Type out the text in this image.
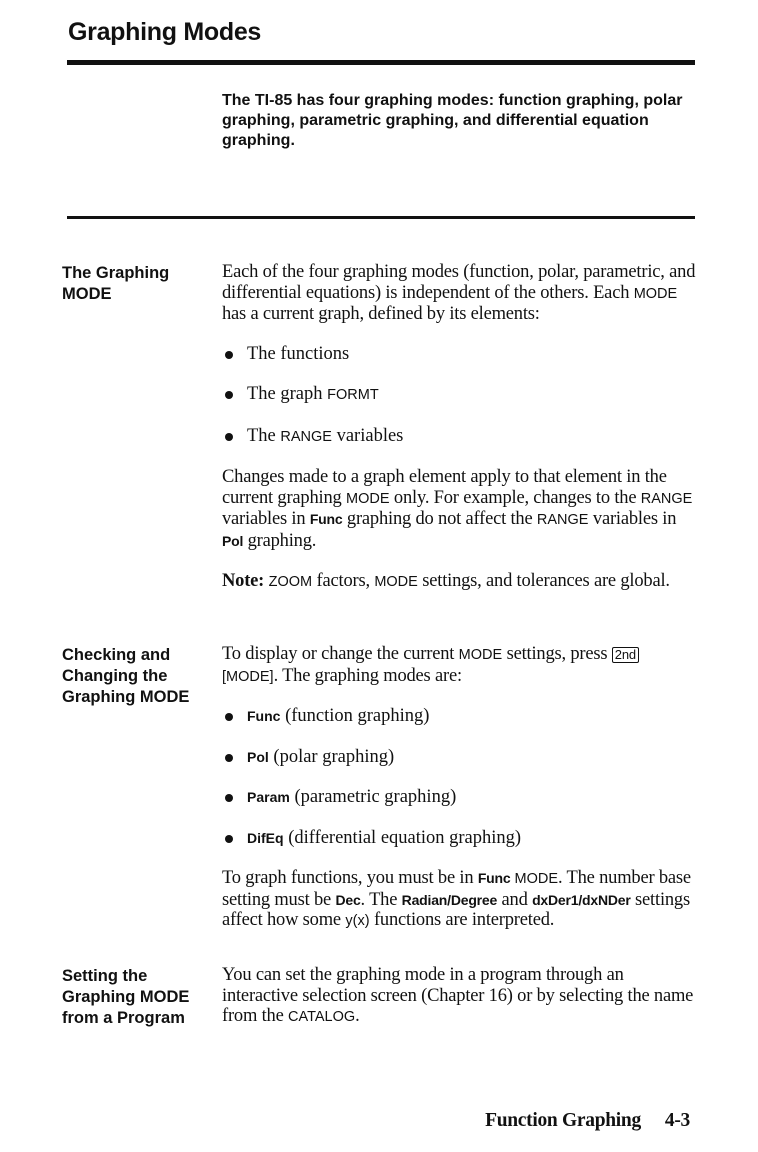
Graphing Modes

The TI-85 has four graphing modes: function graphing, polar graphing, parametric graphing, and differential equation graphing.

The Graphing
MODE

Each of the four graphing modes (function, polar, parametric, and differential equations) is independent of the others. Each MODE has a current graph, defined by its elements:

The functions
The graph FORMT
The RANGE variables

Changes made to a graph element apply to that element in the current graphing MODE only. For example, changes to the RANGE variables in Func graphing do not affect the RANGE variables in Pol graphing.

Note: ZOOM factors, MODE settings, and tolerances are global.

Checking and
Changing the
Graphing MODE

To display or change the current MODE settings, press 2nd [MODE]. The graphing modes are:

Func (function graphing)
Pol (polar graphing)
Param (parametric graphing)
DifEq (differential equation graphing)

To graph functions, you must be in Func MODE. The number base setting must be Dec. The Radian/Degree and dxDer1/dxNDer settings affect how some y(x) functions are interpreted.

Setting the
Graphing MODE
from a Program

You can set the graphing mode in a program through an interactive selection screen (Chapter 16) or by selecting the name from the CATALOG.

Function Graphing 4-3
